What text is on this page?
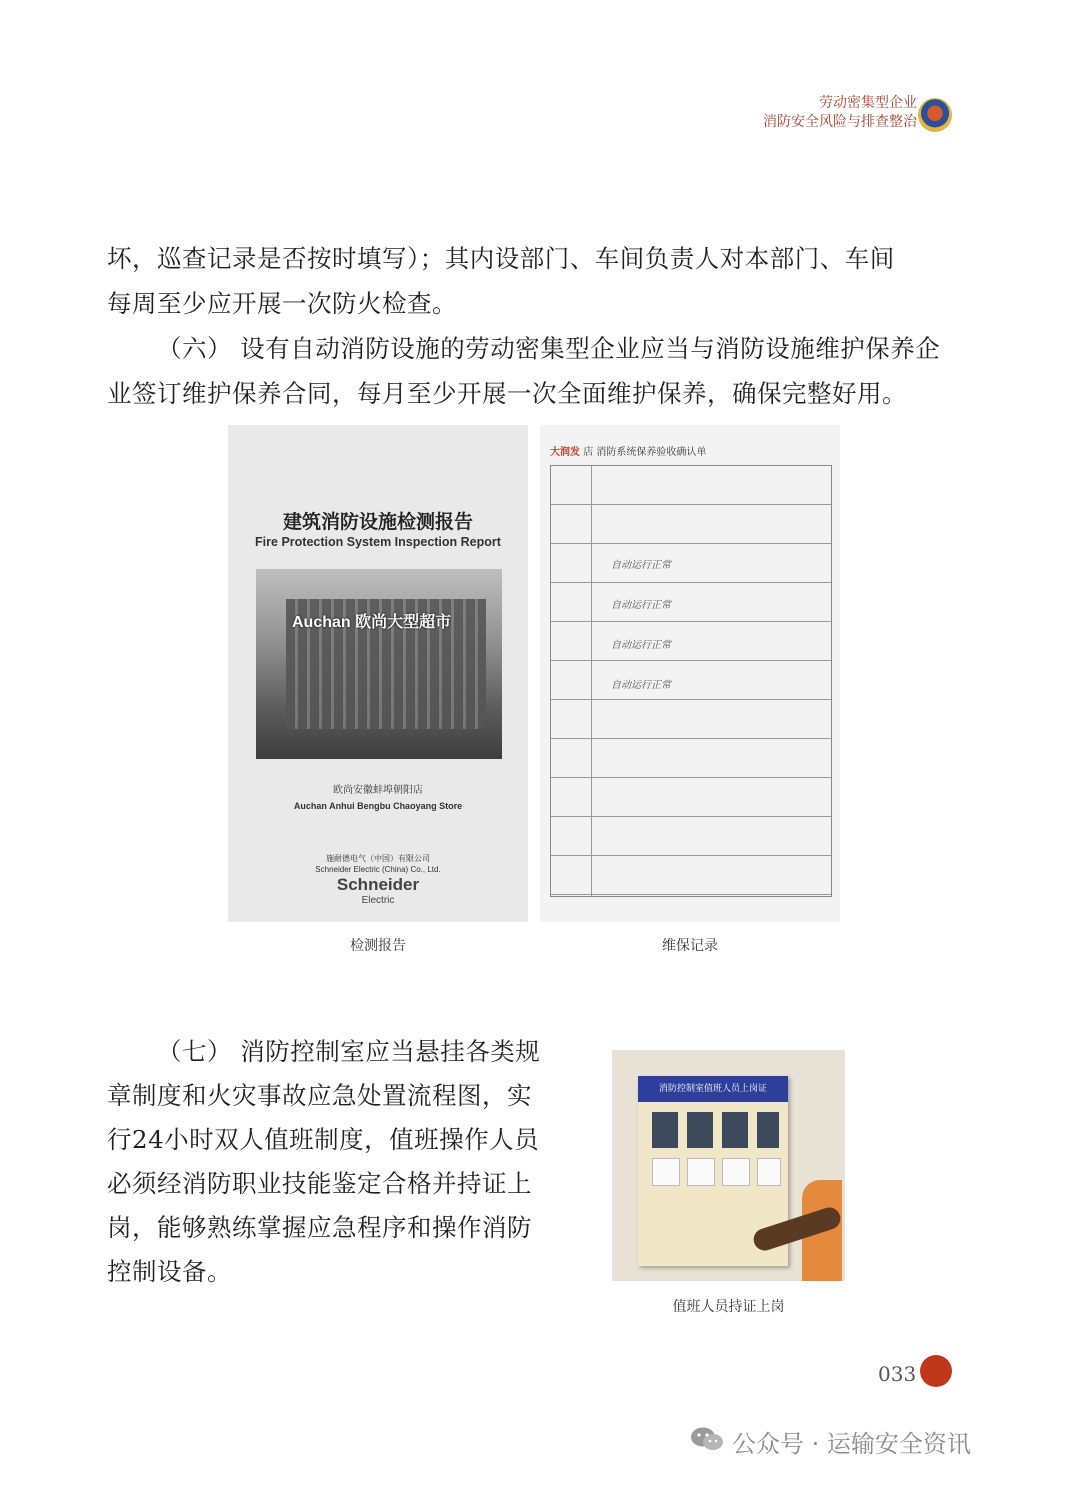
劳动密集型企业
消防安全风险与排查整治
坏，巡查记录是否按时填写）；其内设部门、车间负责人对本部门、车间
每周至少应开展一次防火检查。
（六） 设有自动消防设施的劳动密集型企业应当与消防设施维护保养企
业签订维护保养合同，每月至少开展一次全面维护保养，确保完整好用。
建筑消防设施检测报告
Fire Protection System Inspection Report
Auchan 欧尚大型超市
欧尚安徽蚌埠朝阳店
Auchan Anhui Bengbu Chaoyang Store
施耐德电气（中国）有限公司
Schneider Electric (China) Co., Ltd.
Schneider
Electric
大润发 店 消防系统保养验收确认单
自动运行正常
自动运行正常
自动运行正常
自动运行正常
检测报告	维保记录
（七） 消防控制室应当悬挂各类规
章制度和火灾事故应急处置流程图，实
行24小时双人值班制度，值班操作人员
必须经消防职业技能鉴定合格并持证上
岗，能够熟练掌握应急程序和操作消防
控制设备。
消防控制室值班人员上岗证
值班人员持证上岗
033
公众号 · 运输安全资讯
